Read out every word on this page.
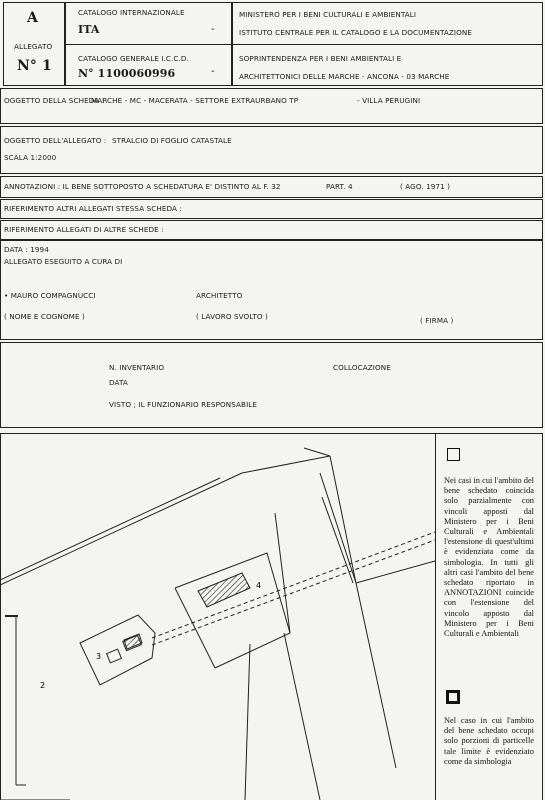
A
ALLEGATO
N° 1
CATALOGO INTERNAZIONALE
ITA	-
CATALOGO GENERALE I.C.C.D.
N° 1100060996	-
MINISTERO PER I BENI CULTURALI E AMBIENTALI
ISTITUTO CENTRALE PER IL CATALOGO E LA DOCUMENTAZIONE
SOPRINTENDENZA PER I BENI AMBIENTALI E
ARCHITETTONICI DELLE MARCHE - ANCONA - 03 MARCHE
OGGETTO DELLA SCHEDA :
MARCHE - MC - MACERATA - SETTORE EXTRAURBANO TP	- VILLA PERUGINI
OGGETTO DELL'ALLEGATO : STRALCIO DI FOGLIO CATASTALE
SCALA 1:2000
ANNOTAZIONI : IL BENE SOTTOPOSTO A SCHEDATURA E' DISTINTO AL F. 32	PART. 4	( AGO. 1971 )
RIFERIMENTO ALTRI ALLEGATI STESSA SCHEDA :
RIFERIMENTO ALLEGATI DI ALTRE SCHEDE :
DATA : 1994
ALLEGATO ESEGUITO A CURA DI
• MAURO COMPAGNUCCI	ARCHITETTO
( NOME E COGNOME )	( LAVORO SVOLTO )	( FIRMA )
N. INVENTARIO	COLLOCAZIONE
DATA
VISTO ; IL FUNZIONARIO RESPONSABILE
3
4
2
Nei casi in cui l'ambito del bene schedato coincida solo parzialmente con vincoli apposti dal Ministero per i Beni Culturali e Ambientali l'estensione di quest'ultimi è evidenziata come da simbologia. In tutti gli altri casi l'ambito del bene schedato riportato in ANNOTAZIONI coincide con l'estensione del vincolo apposto dal Ministero per i Beni Culturali e Ambientali
Nel caso in cui l'ambito del bene schedato occupi solo porzioni di particelle tale limite è evidenziato come da simbologia
